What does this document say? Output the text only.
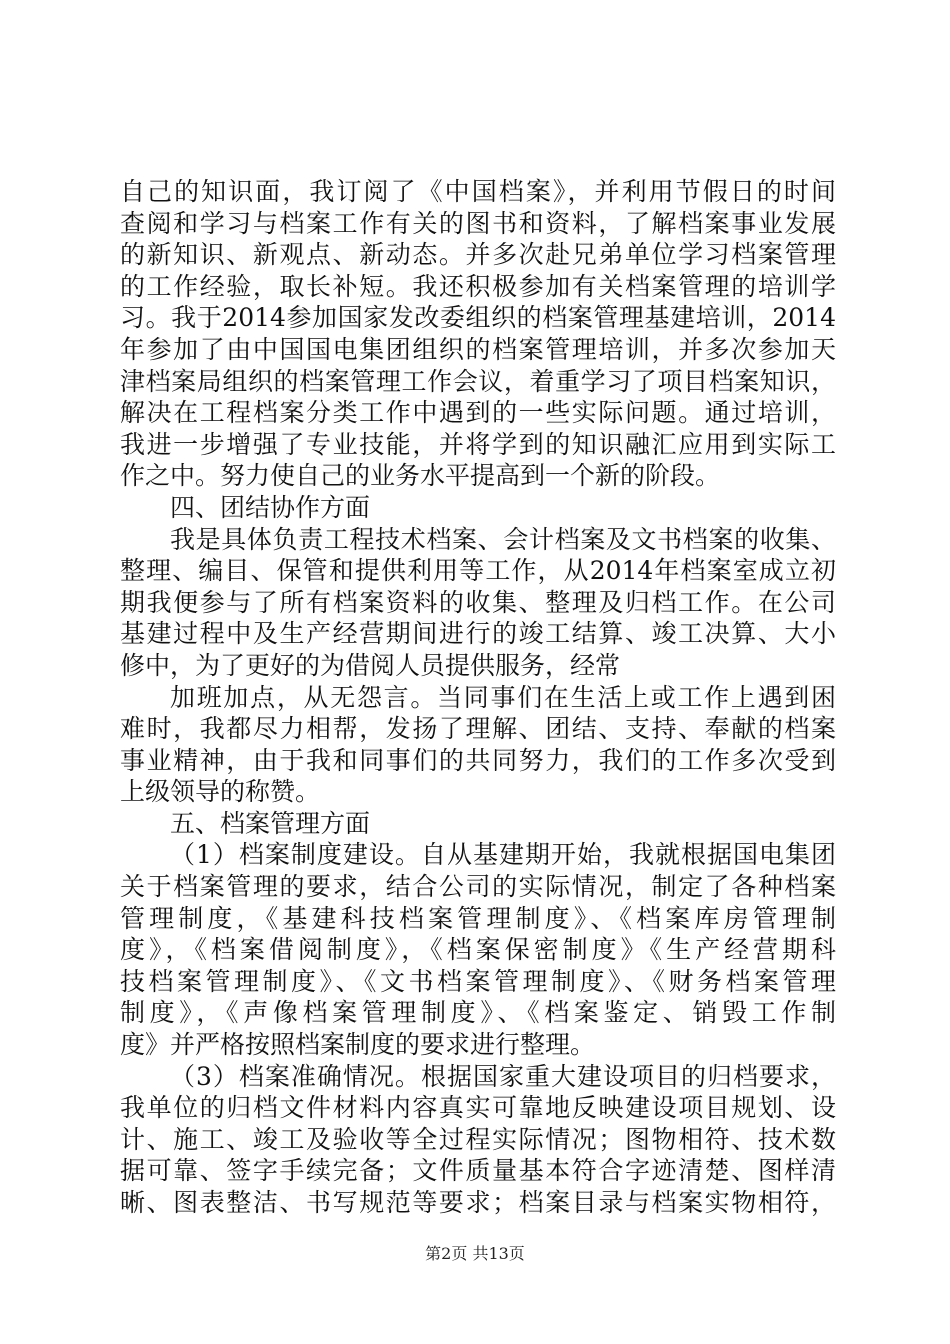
自己的知识面，我订阅了《中国档案》，并利用节假日的时间
查阅和学习与档案工作有关的图书和资料，了解档案事业发展
的新知识、新观点、新动态。并多次赴兄弟单位学习档案管理
的工作经验，取长补短。我还积极参加有关档案管理的培训学
习。我于2014参加国家发改委组织的档案管理基建培训，2014
年参加了由中国国电集团组织的档案管理培训，并多次参加天
津档案局组织的档案管理工作会议，着重学习了项目档案知识，
解决在工程档案分类工作中遇到的一些实际问题。通过培训，
我进一步增强了专业技能，并将学到的知识融汇应用到实际工
作之中。努力使自己的业务水平提高到一个新的阶段。
四、团结协作方面
我是具体负责工程技术档案、会计档案及文书档案的收集、
整理、编目、保管和提供利用等工作，从2014年档案室成立初
期我便参与了所有档案资料的收集、整理及归档工作。在公司
基建过程中及生产经营期间进行的竣工结算、竣工决算、大小
修中，为了更好的为借阅人员提供服务，经常
加班加点，从无怨言。当同事们在生活上或工作上遇到困
难时，我都尽力相帮，发扬了理解、团结、支持、奉献的档案
事业精神，由于我和同事们的共同努力，我们的工作多次受到
上级领导的称赞。
五、档案管理方面
（1）档案制度建设。自从基建期开始，我就根据国电集团
关于档案管理的要求，结合公司的实际情况，制定了各种档案
管理制度，《基建科技档案管理制度》、《档案库房管理制
度》，《档案借阅制度》，《档案保密制度》《生产经营期科
技档案管理制度》、《文书档案管理制度》、《财务档案管理
制度》，《声像档案管理制度》、《档案鉴定、销毁工作制
度》并严格按照档案制度的要求进行整理。
（3）档案准确情况。根据国家重大建设项目的归档要求，
我单位的归档文件材料内容真实可靠地反映建设项目规划、设
计、施工、竣工及验收等全过程实际情况；图物相符、技术数
据可靠、签字手续完备；文件质量基本符合字迹清楚、图样清
晰、图表整洁、书写规范等要求；档案目录与档案实物相符，
第2页 共13页
